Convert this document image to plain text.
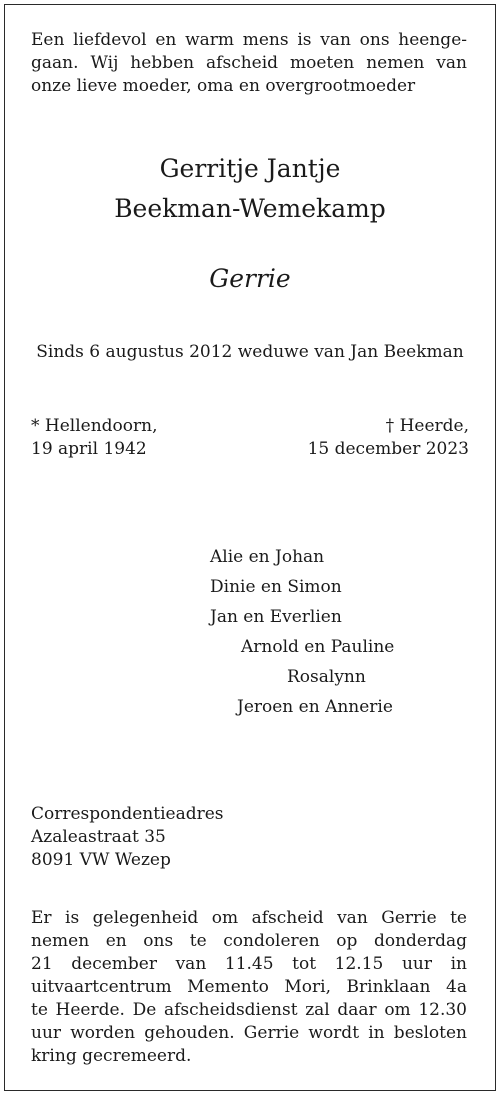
Een liefdevol en warm mens is van ons heenge-
gaan. Wij hebben afscheid moeten nemen van
onze lieve moeder, oma en overgrootmoeder
Gerritje Jantje
Beekman-Wemekamp
Gerrie
Sinds 6 augustus 2012 weduwe van Jan Beekman
* Hellendoorn,
19 april 1942
† Heerde,
15 december 2023
Alie en Johan
Dinie en Simon
Jan en Everlien
Arnold en Pauline
Rosalynn
Jeroen en Annerie
Correspondentieadres
Azaleastraat 35
8091 VW Wezep
Er is gelegenheid om afscheid van Gerrie te
nemen en ons te condoleren op donderdag
21 december van 11.45 tot 12.15 uur in
uitvaartcentrum Memento Mori, Brinklaan 4a
te Heerde. De afscheidsdienst zal daar om 12.30
uur worden gehouden. Gerrie wordt in besloten
kring gecremeerd.
